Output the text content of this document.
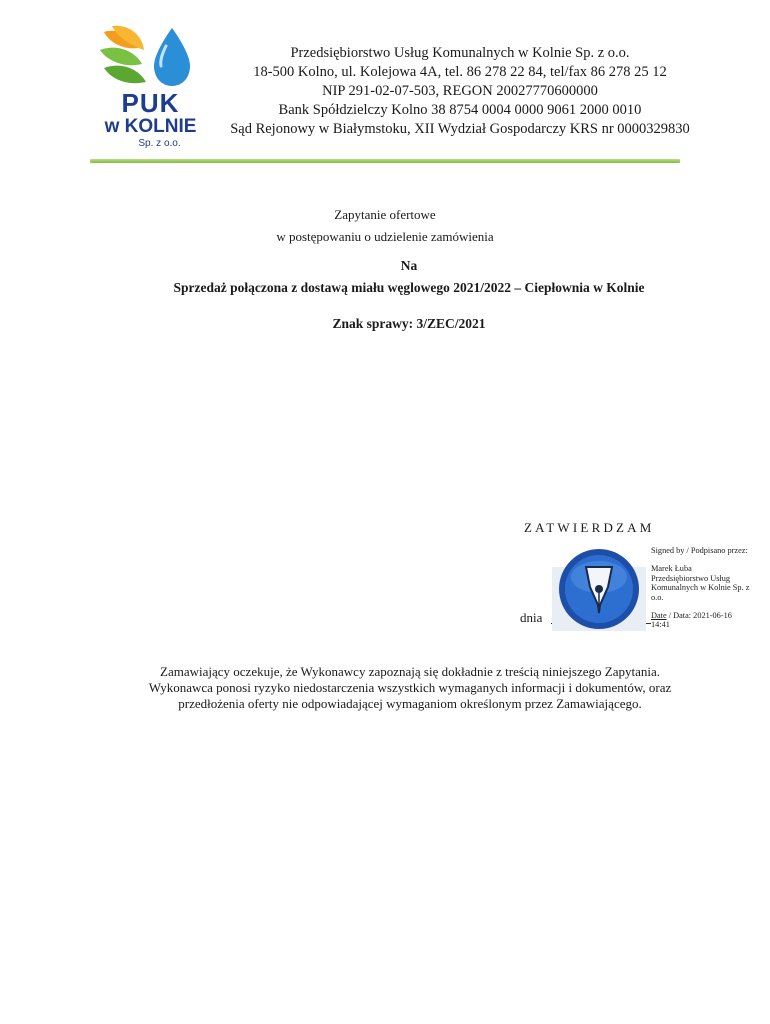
PUK
w KOLNIE
Sp. z o.o.
Przedsiębiorstwo Usług Komunalnych w Kolnie Sp. z o.o.
18-500 Kolno, ul. Kolejowa 4A, tel. 86 278 22 84, tel/fax 86 278 25 12
NIP 291-02-07-503, REGON 20027770600000
Bank Spółdzielczy Kolno 38 8754 0004 0000 9061 2000 0010
Sąd Rejonowy w Białymstoku, XII Wydział Gospodarczy KRS nr 0000329830
Zapytanie ofertowe
w postępowaniu o udzielenie zamówienia
Na
Sprzedaż połączona z dostawą miału węglowego 2021/2022 – Ciepłownia w Kolnie
Znak sprawy: 3/ZEC/2021
ZATWIERDZAM
dnia
Signed by / Podpisano przez:
Marek Łuba
Przedsiębiorstwo Usług Komunalnych w Kolnie Sp. z o.o.
Date / Data: 2021-06-16 14:41
Zamawiający oczekuje, że Wykonawcy zapoznają się dokładnie z treścią niniejszego Zapytania.
Wykonawca ponosi ryzyko niedostarczenia wszystkich wymaganych informacji i dokumentów, oraz
przedłożenia oferty nie odpowiadającej wymaganiom określonym przez Zamawiającego.
